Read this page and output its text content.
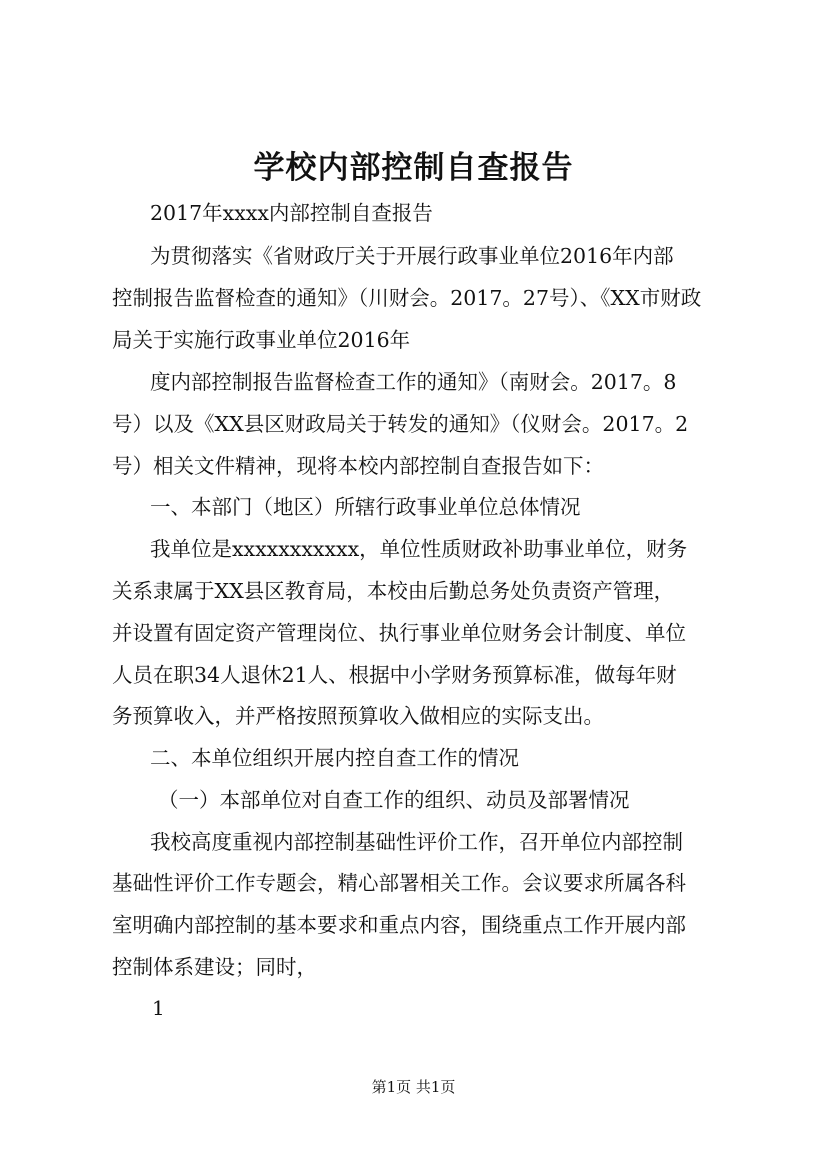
学校内部控制自查报告
2017年xxxx内部控制自查报告
为贯彻落实《省财政厅关于开展行政事业单位2016年内部
控制报告监督检查的通知》（川财会。2017。27号）、《XX市财政
局关于实施行政事业单位2016年
度内部控制报告监督检查工作的通知》（南财会。2017。8
号）以及《XX县区财政局关于转发的通知》（仪财会。2017。2
号）相关文件精神，现将本校内部控制自查报告如下：
一、本部门（地区）所辖行政事业单位总体情况
我单位是xxxxxxxxxxx，单位性质财政补助事业单位，财务
关系隶属于XX县区教育局，本校由后勤总务处负责资产管理，
并设置有固定资产管理岗位、执行事业单位财务会计制度、单位
人员在职34人退休21人、根据中小学财务预算标准，做每年财
务预算收入，并严格按照预算收入做相应的实际支出。
二、本单位组织开展内控自查工作的情况
（一）本部单位对自查工作的组织、动员及部署情况
我校高度重视内部控制基础性评价工作，召开单位内部控制
基础性评价工作专题会，精心部署相关工作。会议要求所属各科
室明确内部控制的基本要求和重点内容，围绕重点工作开展内部
控制体系建设；同时，
1
第1页 共1页
